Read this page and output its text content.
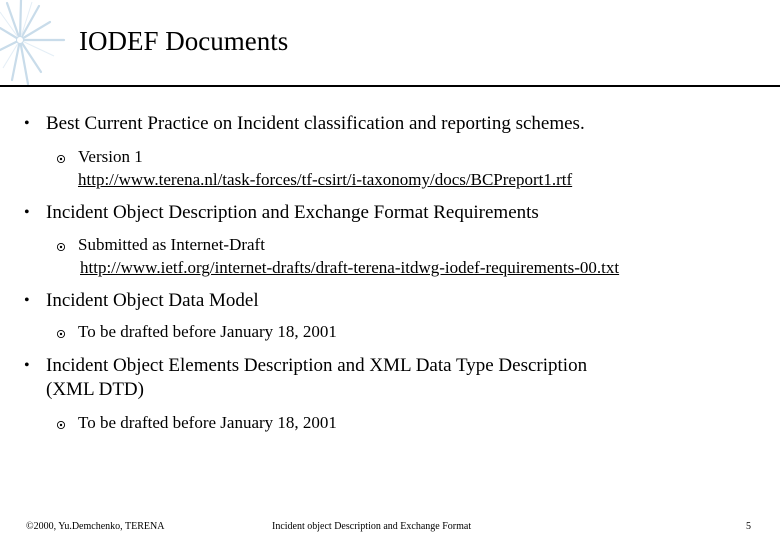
IODEF Documents
• Best Current Practice on Incident classification and reporting schemes.
Version 1
http://www.terena.nl/task-forces/tf-csirt/i-taxonomy/docs/BCPreport1.rtf
• Incident Object Description and Exchange Format Requirements
Submitted as Internet-Draft
http://www.ietf.org/internet-drafts/draft-terena-itdwg-iodef-requirements-00.txt
• Incident Object Data Model
To be drafted before January 18, 2001
• Incident Object Elements Description and XML Data Type Description
(XML DTD)
To be drafted before January 18, 2001
©2000, Yu.Demchenko, TERENA	Incident object Description and Exchange Format	5
